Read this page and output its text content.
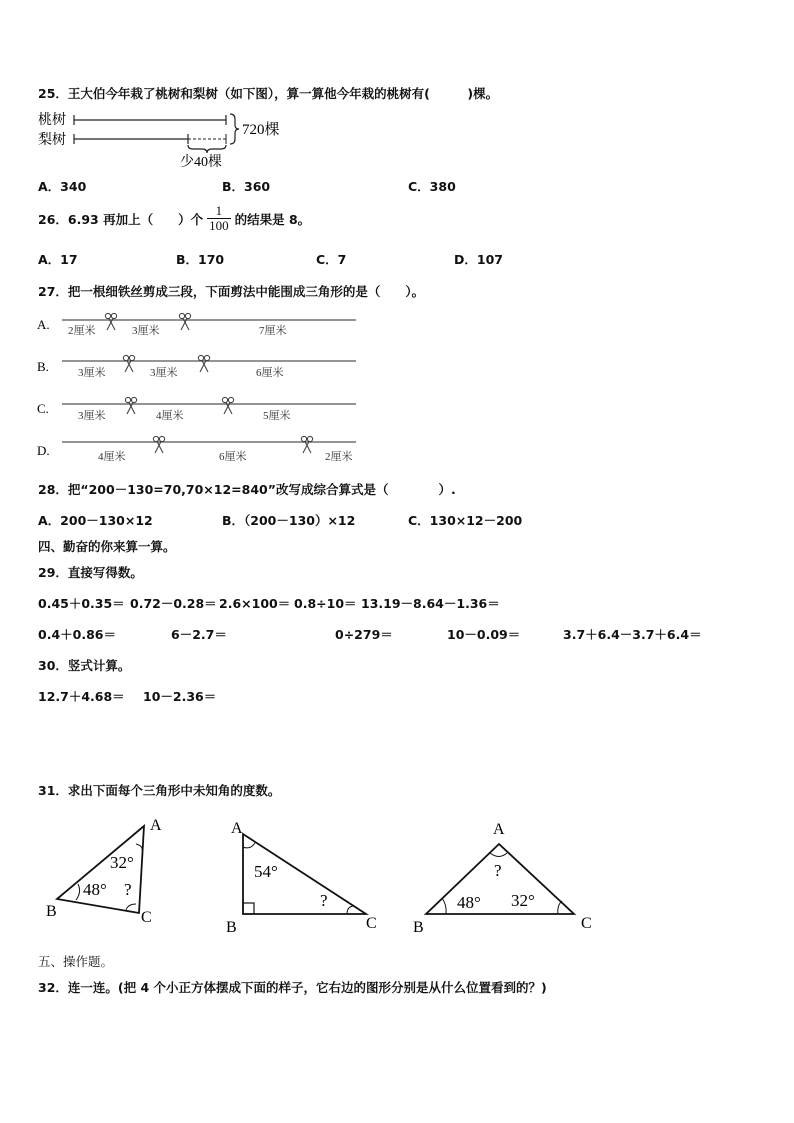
25．王大伯今年栽了桃树和梨树（如下图），算一算他今年栽的桃树有(　　　)棵。
桃树
梨树
720棵
少40棵
A．340	B．360	C．380
26．6.93 再加上（　　）个 $\frac{1}{100}$ 的结果是 8。
A．17	B．170	C．7	D．107
27．把一根细铁丝剪成三段，下面剪法中能围成三角形的是（　　）。
A. 2厘米	3厘米	7厘米
B.	3厘米	3厘米	6厘米
C.	3厘米	4厘米	5厘米
D.	4厘米	6厘米	2厘米
28．把“200－130=70,70×12=840”改写成综合算式是（　　　　）.
A．200－130×12	B．（200－130）×12	C．130×12－200
四、勤奋的你来算一算。
29．直接写得数。
0.45＋0.35＝ 0.72－0.28＝ 2.6×100＝ 0.8÷10＝ 13.19－8.64－1.36＝
0.4＋0.86＝	6－2.7＝	0÷279＝	10－0.09＝	3.7＋6.4－3.7＋6.4＝
30．竖式计算。
12.7＋4.68＝ 10－2.36＝
31．求出下面每个三角形中未知角的度数。
A
B	C
32°
48° ?
A
B	C
54°
?
A
B	C
?
48° 32°
五、操作题。
32．连一连。(把 4 个小正方体摆成下面的样子，它右边的图形分别是从什么位置看到的？)
